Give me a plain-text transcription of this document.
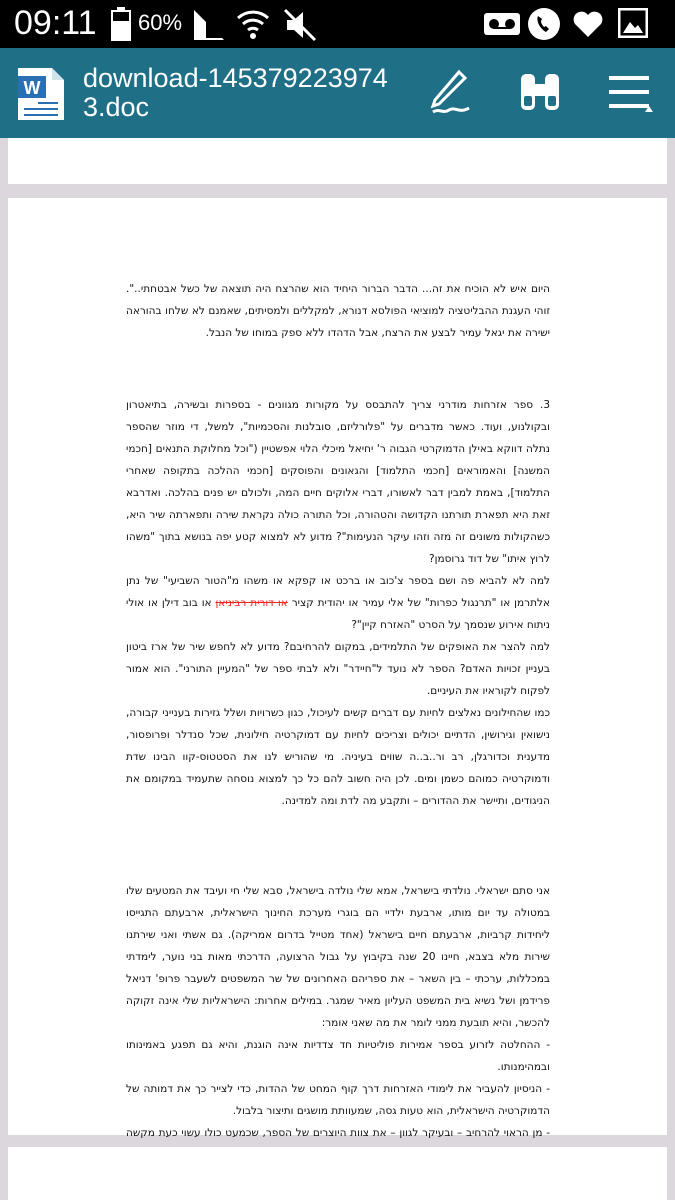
09:11 60%
W download-1453792239743.doc

היום איש לא הוכיח את זה... הדבר הברור היחיד הוא שהרצח היה תוצאה של כשל אבטחתי..". זוהי העגנת ההבליטציה למוציאי הפולסא דנורא, למקללים ולמסיתים, שאמנם לא שלחו בהוראה ישירה את יגאל עמיר לבצע את הרצח, אבל הדהדו ללא ספק במוחו של הנבל.

3. ספר אזרחות מודרני צריך להתבסס על מקורות מגוונים - בספרות ובשירה, בתיאטרון ובקולנוע, ועוד. כאשר מדברים על "פלורליזם, סובלנות והסכמיות", למשל, די מוזר שהספר נתלה דווקא באילן הדמוקרטי הגבוה ר' יחיאל מיכלי הלוי אפשטיין ("וכל מחלוקת התנאים [חכמי המשנה] והאמוראים [חכמי התלמוד] והגאונים והפוסקים [חכמי ההלכה בתקופה שאחרי התלמוד], באמת למבין דבר לאשורו, דברי אלוקים חיים המה, ולכולם יש פנים בהלכה. ואדרבא זאת היא תפארת תורתנו הקדושה והטהורה, וכל התורה כולה נקראת שירה ותפארתה שיר היא, כשהקולות משונים זה מזה וזהו עיקר הנעימות"? מדוע לא למצוא קטע יפה בנושא בתוך "משהו לרוץ איתו" של דוד גרוסמן?

למה לא להביא פה ושם בספר צ'כוב או ברכט או קפקא או משהו מ"הטור השביעי" של נתן אלתרמן או "תרנגול כפרות" של אלי עמיר או יהודית קציר או דורית רביניאן או בוב דילן או אולי ניתוח אירוע שנסמך על הסרט "האזרח קיין"?

למה להצר את האופקים של התלמידים, במקום להרחיבם? מדוע לא לחפש שיר של ארז ביטון בעניין זכויות האדם? הספר לא נועד ל"חיידר" ולא לבתי ספר של "המעיין התורני". הוא אמור לפקוח לקוראיו את העיניים.

כמו שהחילונים נאלצים לחיות עם דברים קשים לעיכול, כגון כשרויות ושלל גזירות בענייני קבורה, נישואין וגירושין, הדתיים יכולים וצריכים לחיות עם דמוקרטיה חילונית, שכל סנדלר ופרופסור, מדענית וכדורגלן, רב ור..ב..ה שווים בעיניה. מי שהוריש לנו את הסטטוס-קוו הבינו שדת ודמוקרטיה כמוהם כשמן ומים. לכן היה חשוב להם כל כך למצוא נוסחה שתעמיד במקומם את הניגודים, ותיישר את ההדורים – ותקבע מה לדת ומה למדינה.

אני סתם ישראלי. נולדתי בישראל, אמא שלי נולדה בישראל, סבא שלי חי ועיבד את המטעים שלו במטולה עד יום מותו, ארבעת ילדיי הם בוגרי מערכת החינוך הישראלית, ארבעתם התגייסו ליחידות קרביות, ארבעתם חיים בישראל (אחד מטייל בדרום אמריקה). גם אשתי ואני שירתנו שירות מלא בצבא, חיינו 20 שנה בקיבוץ על גבול הרצועה, הדרכתי מאות בני נוער, לימדתי במכללות, ערכתי – בין השאר – את ספריהם האחרונים של שר המשפטים לשעבר פרופ' דניאל פרידמן ושל נשיא בית המשפט העליון מאיר שמגר. במילים אחרות: הישראליות שלי אינה זקוקה להכשר, והיא תובעת ממני לומר את מה שאני אומר:

- ההחלטה לזרוע בספר אמירות פוליטיות חד צדדיות אינה הוגנת, והיא גם תפגע באמינותו ובמהימנותו.

- הניסיון להעביר את לימודי האזרחות דרך קוף המחט של ההדות, כדי לצייר כך את דמותה של הדמוקרטיה הישראלית, הוא טעות גסה, שמעוותת מושגים ותיצור בלבול.

- מן הראוי להרחיב – ובעיקר לגוון – את צוות היוצרים של הספר, שכמעט כולו עשוי כעת מקשה
